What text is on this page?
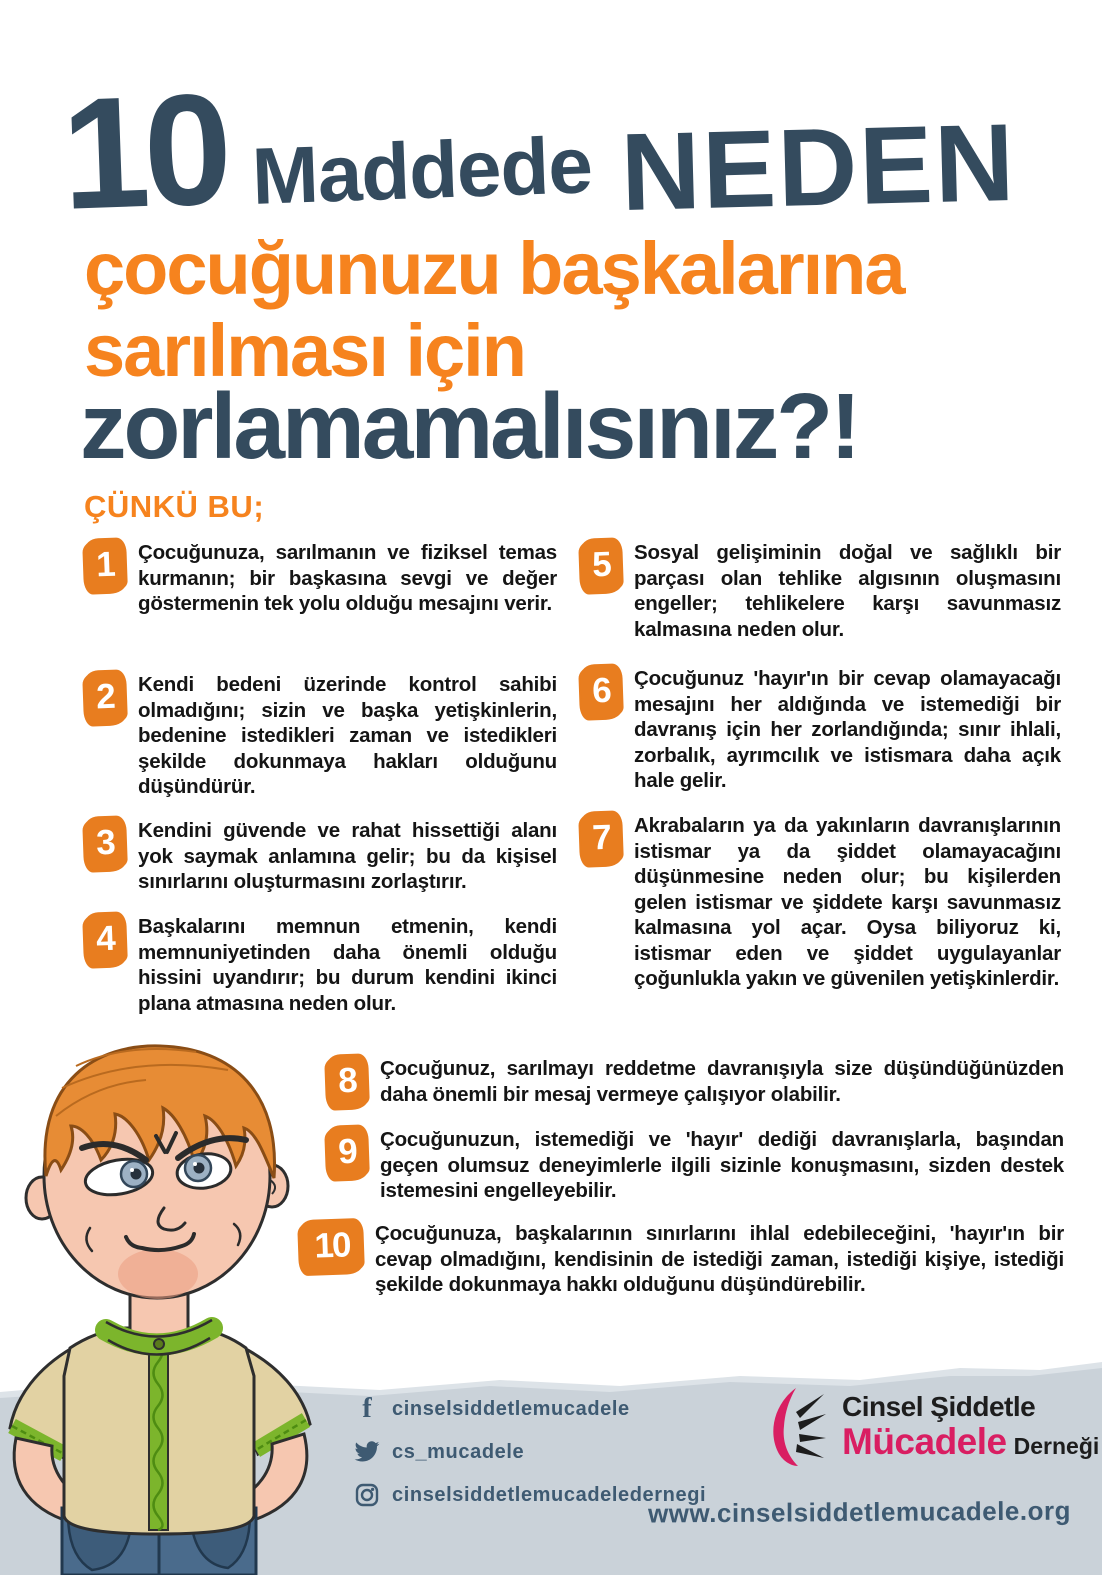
10 Maddede NEDEN
çocuğunuzu başkalarına
sarılması için
zorlamamalısınız?!
ÇÜNKÜ BU;
1	Çocuğunuza, sarılmanın ve fiziksel temas kurmanın; bir başkasına sevgi ve değer göstermenin tek yolu olduğu mesajını verir.
2	Kendi bedeni üzerinde kontrol sahibi olmadığını; sizin ve başka yetişkinlerin, bedenine istedikleri zaman ve istedikleri şekilde dokunmaya hakları olduğunu düşündürür.
3	Kendini güvende ve rahat hissettiği alanı yok saymak anlamına gelir; bu da kişisel sınırlarını oluşturmasını zorlaştırır.
4	Başkalarını memnun etmenin, kendi memnuniyetinden daha önemli olduğu hissini uyandırır; bu durum kendini ikinci plana atmasına neden olur.
5	Sosyal gelişiminin doğal ve sağlıklı bir parçası olan tehlike algısının oluşmasını engeller; tehlikelere karşı savunmasız kalmasına neden olur.
6	Çocuğunuz 'hayır'ın bir cevap olamayacağı mesajını her aldığında ve istemediği bir davranış için her zorlandığında; sınır ihlali, zorbalık, ayrımcılık ve istismara daha açık hale gelir.
7	Akrabaların ya da yakınların davranışlarının istismar ya da şiddet olamayacağını düşünmesine neden olur; bu kişilerden gelen istismar ve şiddete karşı savunmasız kalmasına yol açar. Oysa biliyoruz ki, istismar eden ve şiddet uygulayanlar çoğunlukla yakın ve güvenilen yetişkinlerdir.
8	Çocuğunuz, sarılmayı reddetme davranışıyla size düşündüğünüzden daha önemli bir mesaj vermeye çalışıyor olabilir.
9	Çocuğunuzun, istemediği ve 'hayır' dediği davranışlarla, başından geçen olumsuz deneyimlerle ilgili sizinle konuşmasını, sizden destek istemesini engelleyebilir.
10	Çocuğunuza, başkalarının sınırlarını ihlal edebileceğini, 'hayır'ın bir cevap olmadığını, kendisinin de istediği zaman, istediği kişiye, istediği şekilde dokunmaya hakkı olduğunu düşündürebilir.
f cinselsiddetlemucadele
cs_mucadele
cinselsiddetlemucadeledernegi
Cinsel Şiddetle
Mücadele Derneği
www.cinselsiddetlemucadele.org
